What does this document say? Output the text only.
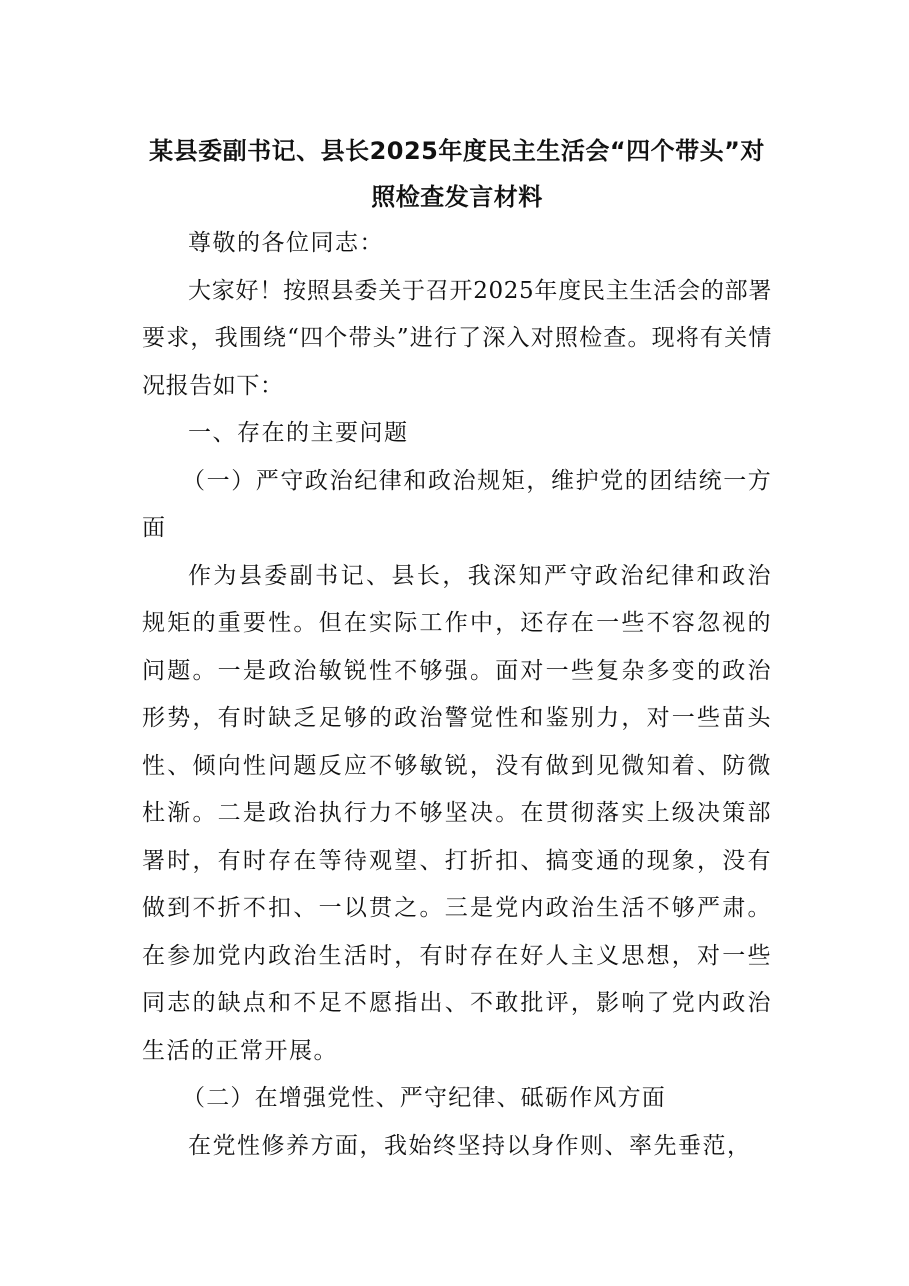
某县委副书记、县长2025年度民主生活会“四个带头”对
照检查发言材料

尊敬的各位同志：

大家好！按照县委关于召开2025年度民主生活会的部署要求，我围绕“四个带头”进行了深入对照检查。现将有关情况报告如下：

一、存在的主要问题

（一）严守政治纪律和政治规矩，维护党的团结统一方面

作为县委副书记、县长，我深知严守政治纪律和政治规矩的重要性。但在实际工作中，还存在一些不容忽视的问题。一是政治敏锐性不够强。面对一些复杂多变的政治形势，有时缺乏足够的政治警觉性和鉴别力，对一些苗头性、倾向性问题反应不够敏锐，没有做到见微知着、防微杜渐。二是政治执行力不够坚决。在贯彻落实上级决策部署时，有时存在等待观望、打折扣、搞变通的现象，没有做到不折不扣、一以贯之。三是党内政治生活不够严肃。在参加党内政治生活时，有时存在好人主义思想，对一些同志的缺点和不足不愿指出、不敢批评，影响了党内政治生活的正常开展。

（二）在增强党性、严守纪律、砥砺作风方面

在党性修养方面，我始终坚持以身作则、率先垂范，
